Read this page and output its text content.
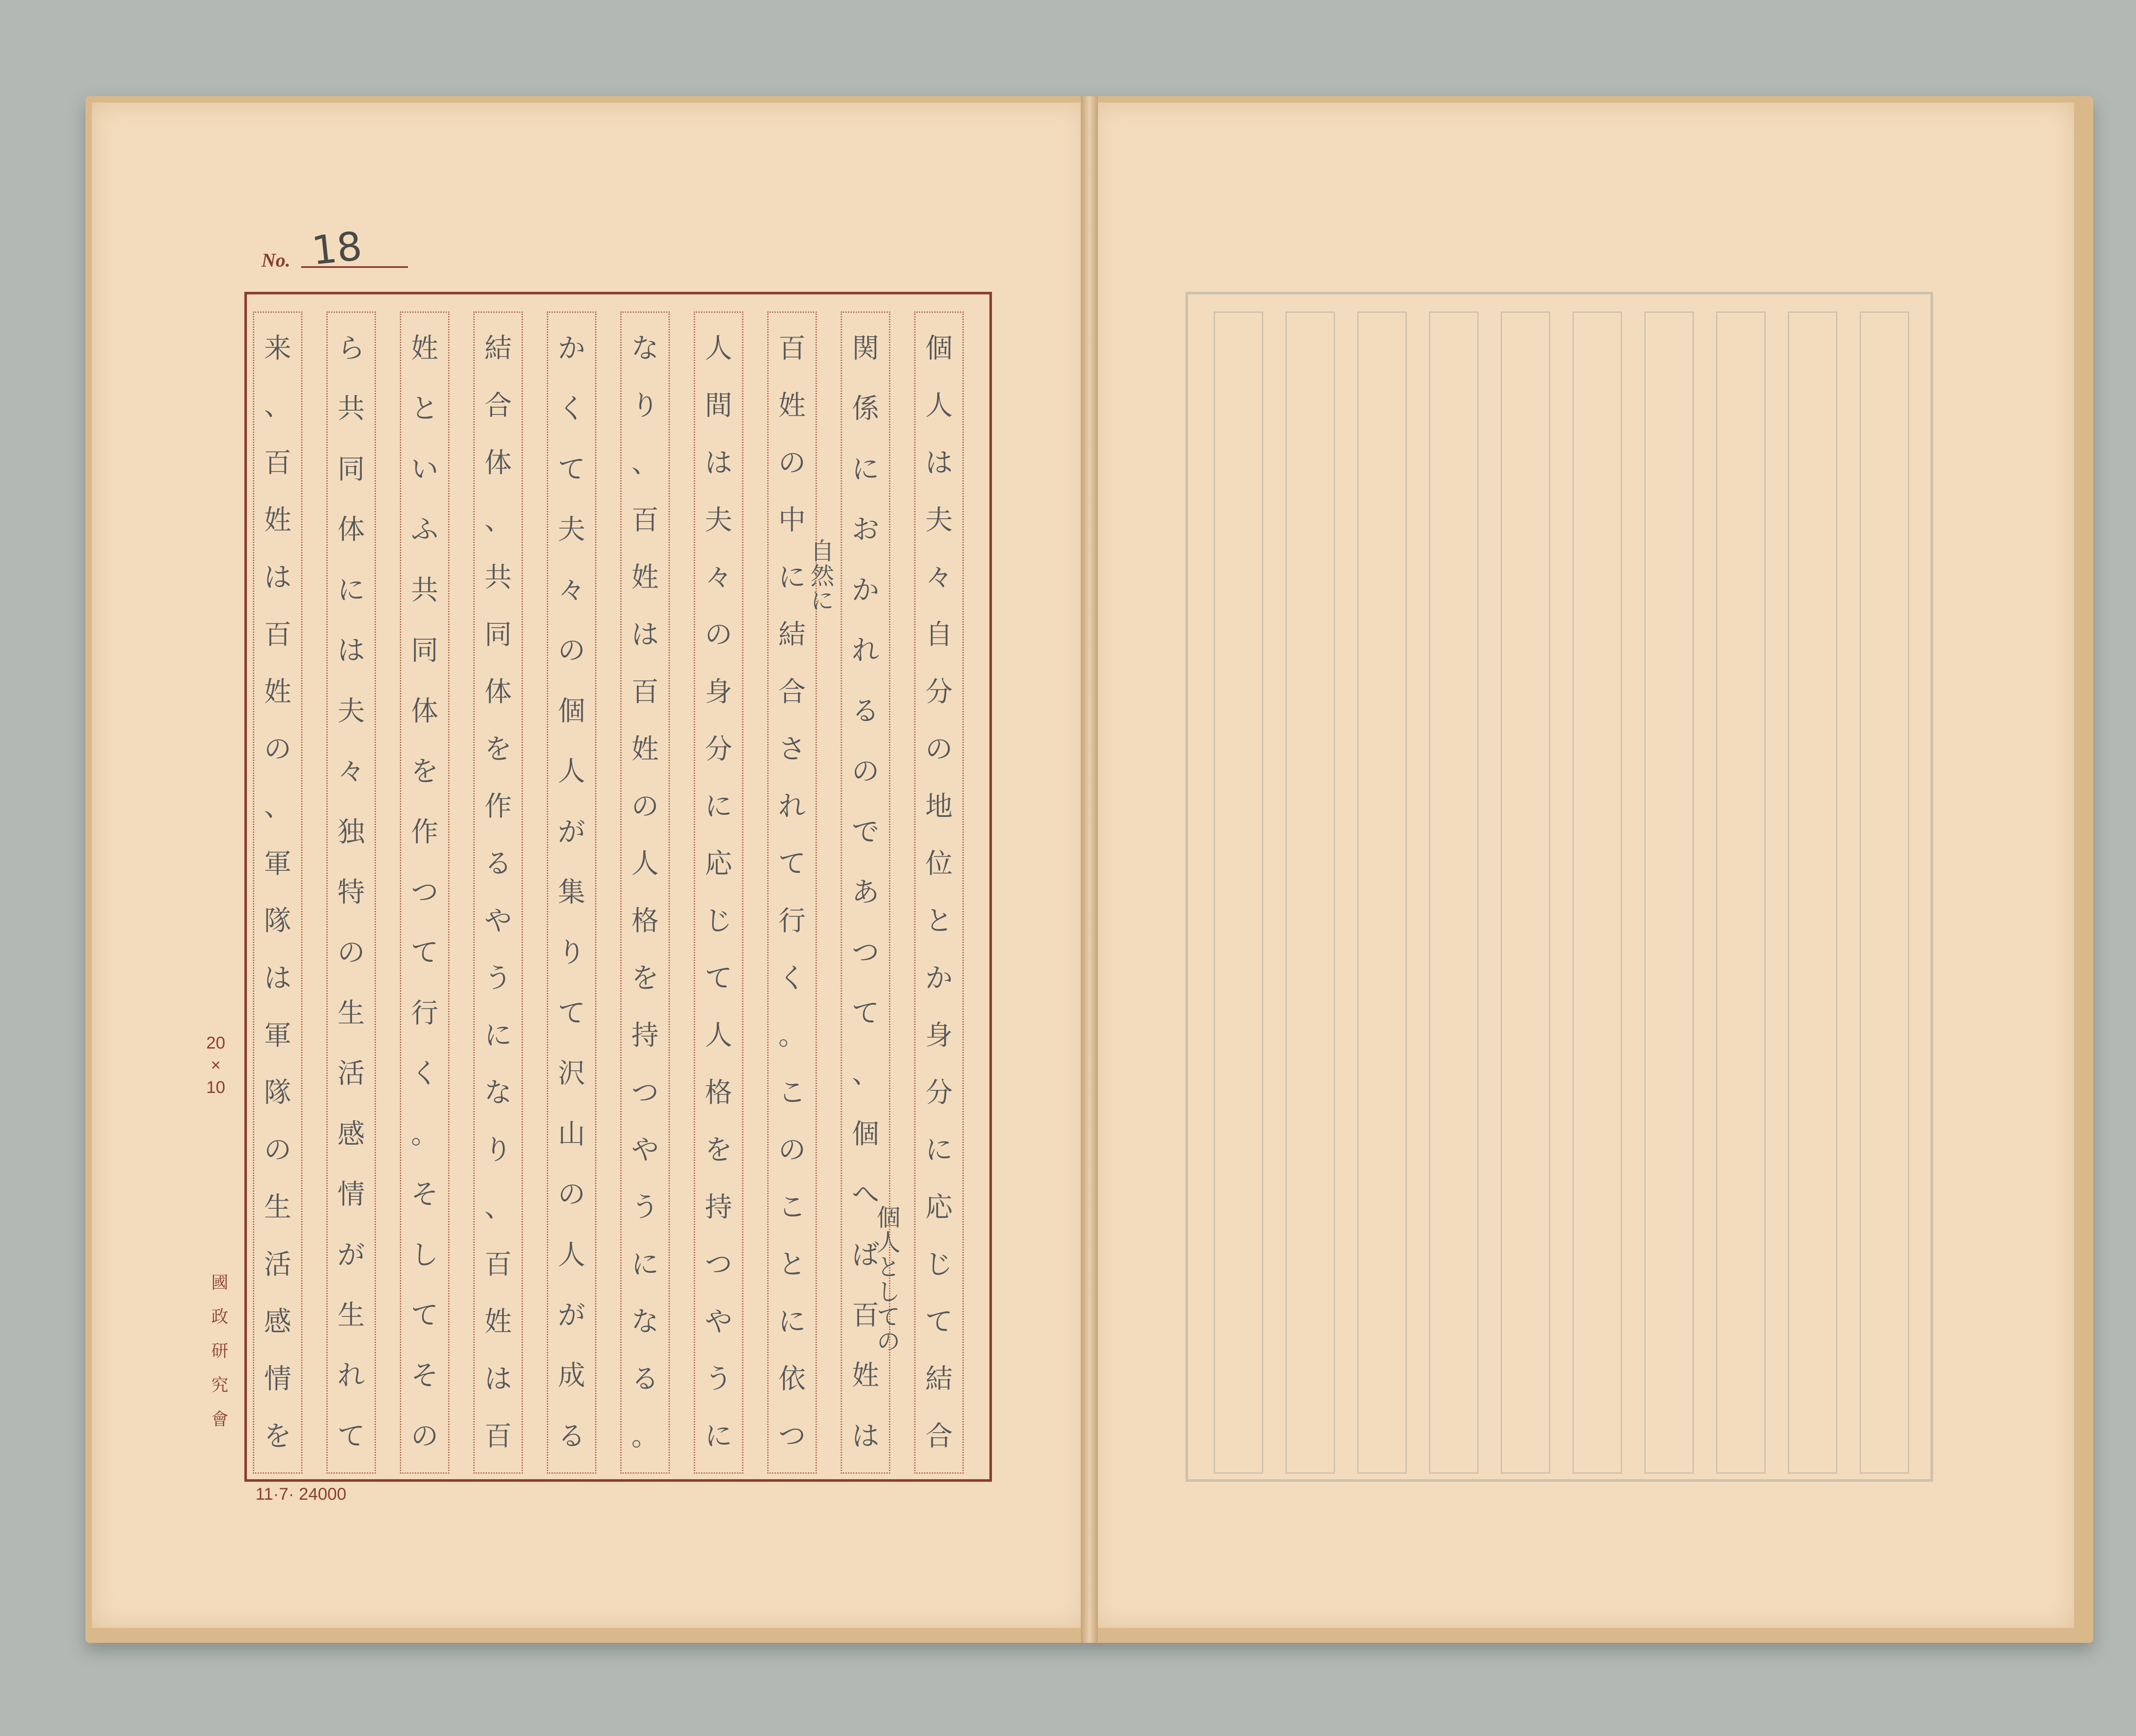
No. 18
個
人
は
夫
々
自
分
の
地
位
と
か
身
分
に
応
じ
て
結
合
関
係
に
お
か
れ
る
の
で
あ
つ
て
、
個
へ
ば
百
姓
は
百
姓
の
中
に
結
合
さ
れ
て
行
く
。
こ
の
こ
と
に
依
つ
人
間
は
夫
々
の
身
分
に
応
じ
て
人
格
を
持
つ
や
う
に
な
り
、
百
姓
は
百
姓
の
人
格
を
持
つ
や
う
に
な
る
。
か
く
て
夫
々
の
個
人
が
集
り
て
沢
山
の
人
が
成
る
結
合
体
、
共
同
体
を
作
る
や
う
に
な
り
、
百
姓
は
百
姓
と
い
ふ
共
同
体
を
作
つ
て
行
く
。
そ
し
て
そ
の
ら
共
同
体
に
は
夫
々
独
特
の
生
活
感
情
が
生
れ
て
来
、
百
姓
は
百
姓
の
、
軍
隊
は
軍
隊
の
生
活
感
情
を
自然に
個人としての
20
×
10
國政研究會
11·7· 24000
